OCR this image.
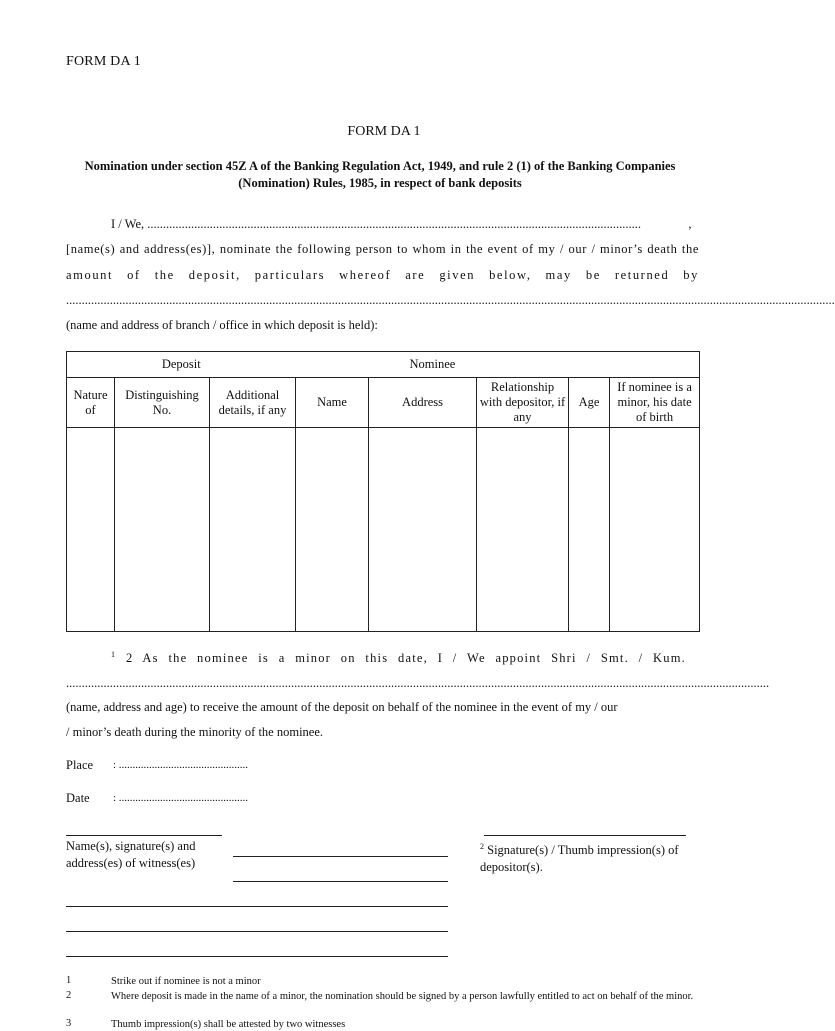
FORM DA 1
FORM DA 1
Nomination under section 45Z A of the Banking Regulation Act, 1949, and rule 2 (1) of the Banking Companies (Nomination) Rules, 1985, in respect of bank deposits
I / We, ..............................................................................................................................................................	,
[name(s) and address(es)], nominate the following person to whom in the event of my / our / minor’s death the
amount of the deposit, particulars whereof are given below, may be returned by
......................................................................................................................................................................................................................................................
(name and address of branch / office in which deposit is held):
Deposit			Nominee				
Nature of	Distinguishing No.	Additional details, if any	Name	Address	Relationship with depositor, if any	Age	If nominee is a minor, his date of birth

$^1$ 2 As the nominee is a minor on this date, I / We appoint Shri / Smt. / Kum.
.................................................................................................................................................................................................................................
(name, address and age) to receive the amount of the deposit on behalf of the nominee in the event of my / our
/ minor’s death during the minority of the nominee.
Place : ...............................................
Date : ...............................................
Name(s), signature(s) and address(es) of witness(es)
$^2$ Signature(s) / Thumb impression(s) of depositor(s).
1	Strike out if nominee is not a minor
2	Where deposit is made in the name of a minor, the nomination should be signed by a person lawfully entitled to act on behalf of the minor.
3	Thumb impression(s) shall be attested by two witnesses
